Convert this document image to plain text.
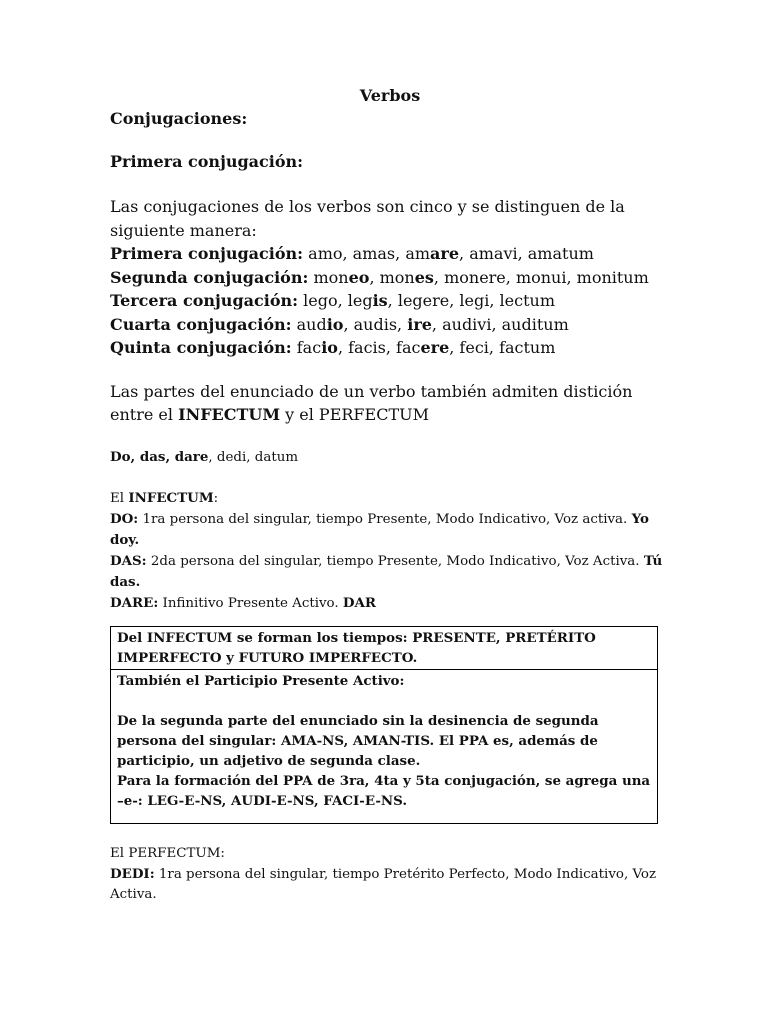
Verbos

Conjugaciones:

Primera conjugación:

Las conjugaciones de los verbos son cinco y se distinguen de la siguiente manera:

Primera conjugación: amo, amas, amare, amavi, amatum

Segunda conjugación: moneo, mones, monere, monui, monitum

Tercera conjugación: lego, legis, legere, legi, lectum

Cuarta conjugación: audio, audis, ire, audivi, auditum

Quinta conjugación: facio, facis, facere, feci, factum

Las partes del enunciado de un verbo también admiten distición entre el INFECTUM y el PERFECTUM

Do, das, dare, dedi, datum

El INFECTUM:

DO: 1ra persona del singular, tiempo Presente, Modo Indicativo, Voz activa. Yo doy.

DAS: 2da persona del singular, tiempo Presente, Modo Indicativo, Voz Activa. Tú das.

DARE: Infinitivo Presente Activo. DAR

Del INFECTUM se forman los tiempos: PRESENTE, PRETÉRITO IMPERFECTO y FUTURO IMPERFECTO.
También el Participio Presente Activo:
De la segunda parte del enunciado sin la desinencia de segunda persona del singular: AMA-NS, AMAN-TIS. El PPA es, además de participio, un adjetivo de segunda clase.
Para la formación del PPA de 3ra, 4ta y 5ta conjugación, se agrega una –e-: LEG-E-NS, AUDI-E-NS, FACI-E-NS.

El PERFECTUM:

DEDI: 1ra persona del singular, tiempo Pretérito Perfecto, Modo Indicativo, Voz Activa.
